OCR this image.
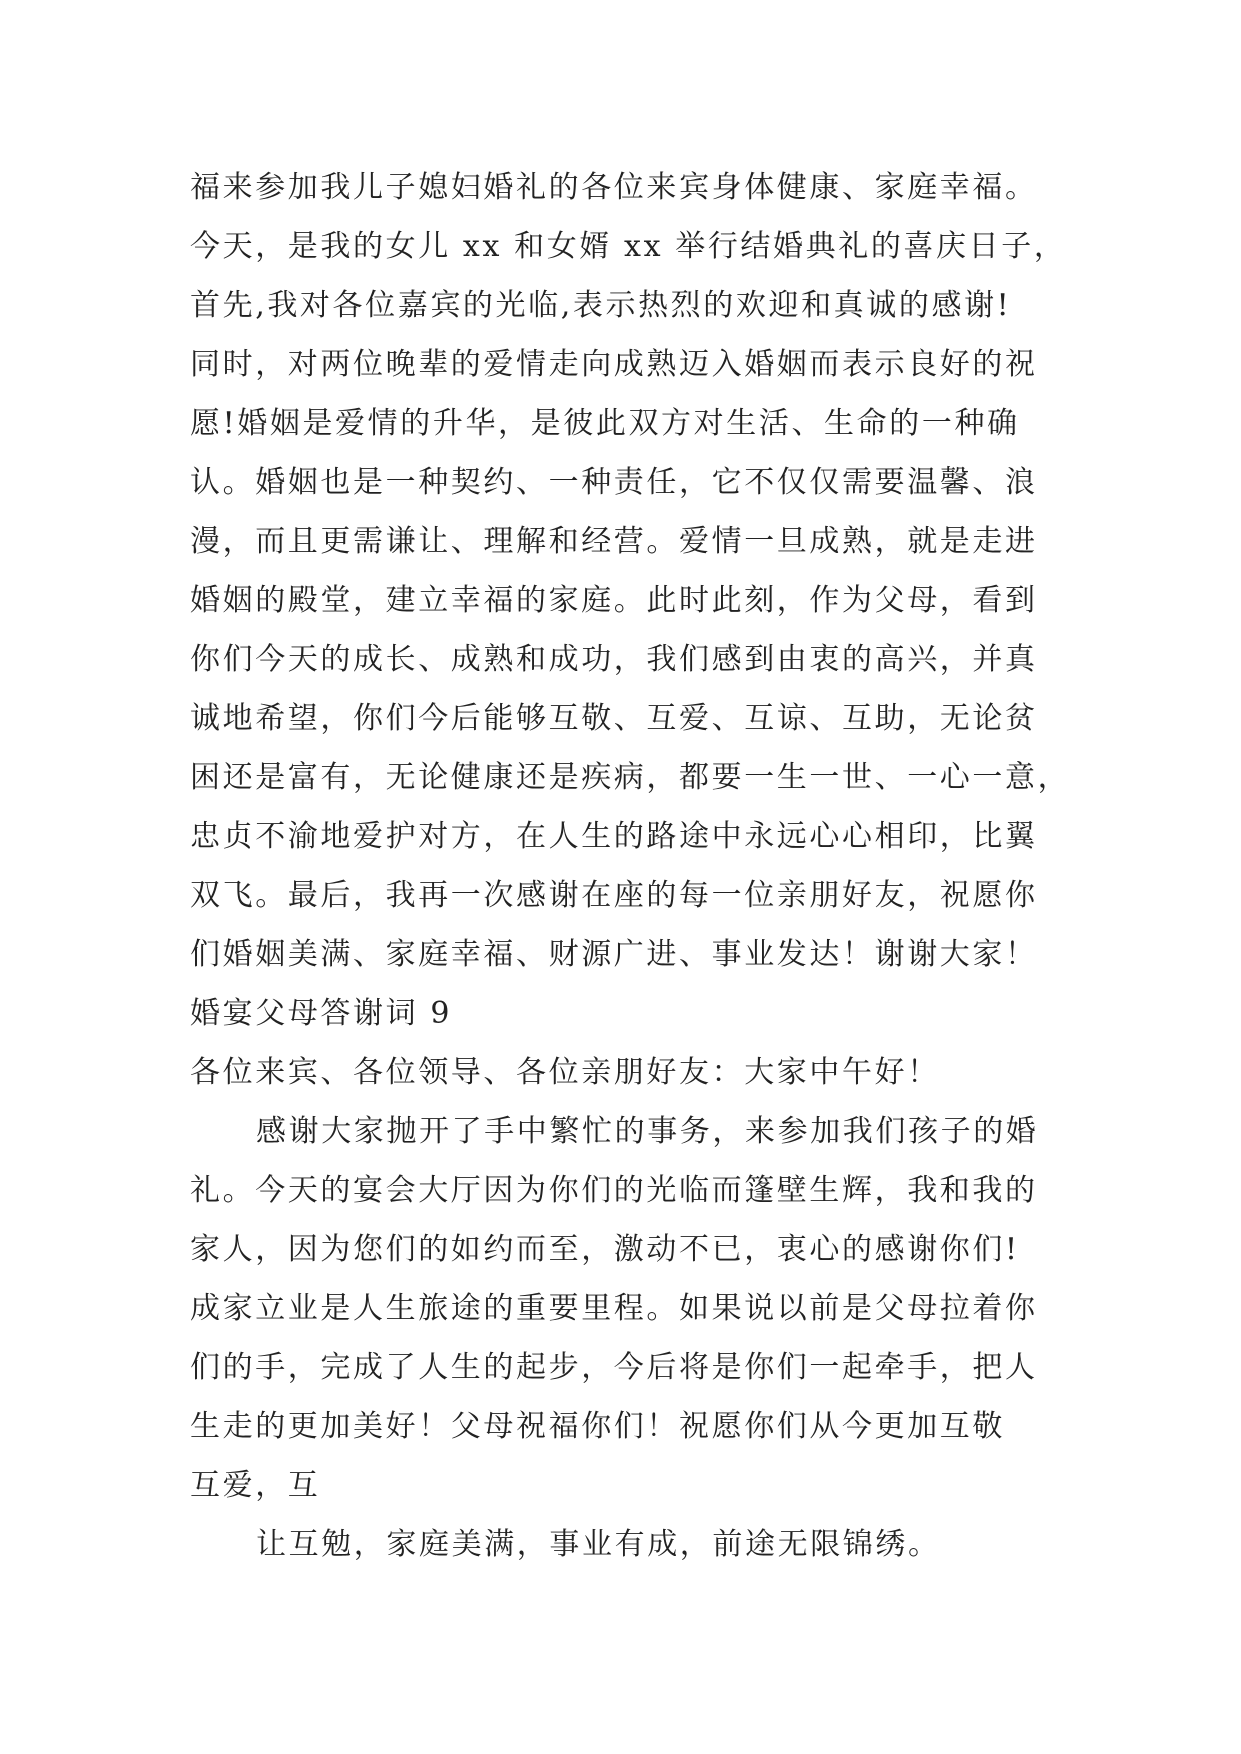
福来参加我儿子媳妇婚礼的各位来宾身体健康、家庭幸福。
今天，是我的女儿 xx 和女婿 xx 举行结婚典礼的喜庆日子，
首先,我对各位嘉宾的光临,表示热烈的欢迎和真诚的感谢!
同时，对两位晚辈的爱情走向成熟迈入婚姻而表示良好的祝
愿!婚姻是爱情的升华，是彼此双方对生活、生命的一种确
认。婚姻也是一种契约、一种责任，它不仅仅需要温馨、浪
漫，而且更需谦让、理解和经营。爱情一旦成熟，就是走进
婚姻的殿堂，建立幸福的家庭。此时此刻，作为父母，看到
你们今天的成长、成熟和成功，我们感到由衷的高兴，并真
诚地希望，你们今后能够互敬、互爱、互谅、互助，无论贫
困还是富有，无论健康还是疾病，都要一生一世、一心一意，
忠贞不渝地爱护对方，在人生的路途中永远心心相印，比翼
双飞。最后，我再一次感谢在座的每一位亲朋好友，祝愿你
们婚姻美满、家庭幸福、财源广进、事业发达！谢谢大家！
婚宴父母答谢词 9
各位来宾、各位领导、各位亲朋好友：大家中午好！
感谢大家抛开了手中繁忙的事务，来参加我们孩子的婚
礼。今天的宴会大厅因为你们的光临而篷壁生辉，我和我的
家人，因为您们的如约而至，激动不已，衷心的感谢你们!
成家立业是人生旅途的重要里程。如果说以前是父母拉着你
们的手，完成了人生的起步，今后将是你们一起牵手，把人
生走的更加美好！父母祝福你们！祝愿你们从今更加互敬
互爱，互
让互勉，家庭美满，事业有成，前途无限锦绣。
